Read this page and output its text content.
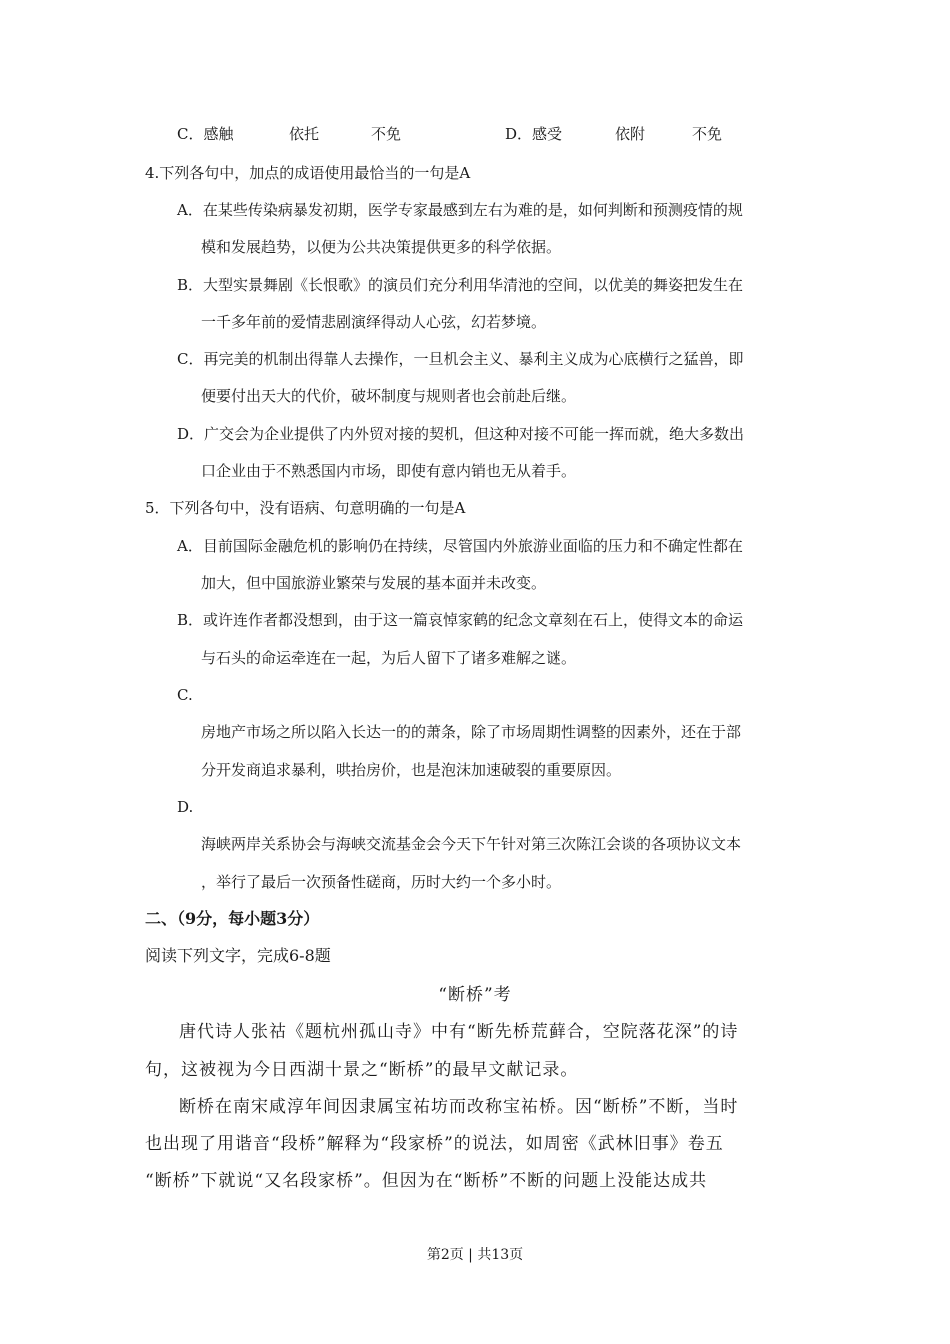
C．感触	依托	不免	D．感受	依附	不免
4.下列各句中，加点的成语使用最恰当的一句是A
A．在某些传染病暴发初期，医学专家最感到左右为难的是，如何判断和预测疫情的规
模和发展趋势，以便为公共决策提供更多的科学依据。
B．大型实景舞剧《长恨歌》的演员们充分利用华清池的空间，以优美的舞姿把发生在
一千多年前的爱情悲剧演绎得动人心弦，幻若梦境。
C．再完美的机制出得靠人去操作，一旦机会主义、暴利主义成为心底横行之猛兽，即
便要付出天大的代价，破坏制度与规则者也会前赴后继。
D．广交会为企业提供了内外贸对接的契机，但这种对接不可能一挥而就，绝大多数出
口企业由于不熟悉国内市场，即使有意内销也无从着手。
5．下列各句中，没有语病、句意明确的一句是A
A．目前国际金融危机的影响仍在持续，尽管国内外旅游业面临的压力和不确定性都在
加大，但中国旅游业繁荣与发展的基本面并未改变。
B．或许连作者都没想到，由于这一篇哀悼家鹤的纪念文章刻在石上，使得文本的命运
与石头的命运牵连在一起，为后人留下了诸多难解之谜。
C.
房地产市场之所以陷入长达一的的萧条，除了市场周期性调整的因素外，还在于部
分开发商追求暴利，哄抬房价，也是泡沫加速破裂的重要原因。
D.
海峡两岸关系协会与海峡交流基金会今天下午针对第三次陈江会谈的各项协议文本
，举行了最后一次预备性磋商，历时大约一个多小时。
二、（9分，每小题3分）
阅读下列文字，完成6-8题
“断桥”考
唐代诗人张祜《题杭州孤山寺》中有“断先桥荒藓合，空院落花深”的诗
句，这被视为今日西湖十景之“断桥”的最早文献记录。
断桥在南宋咸淳年间因隶属宝祐坊而改称宝祐桥。因“断桥”不断，当时
也出现了用谐音“段桥”解释为“段家桥”的说法，如周密《武林旧事》卷五
“断桥”下就说“又名段家桥”。但因为在“断桥”不断的问题上没能达成共
第2页 | 共13页
